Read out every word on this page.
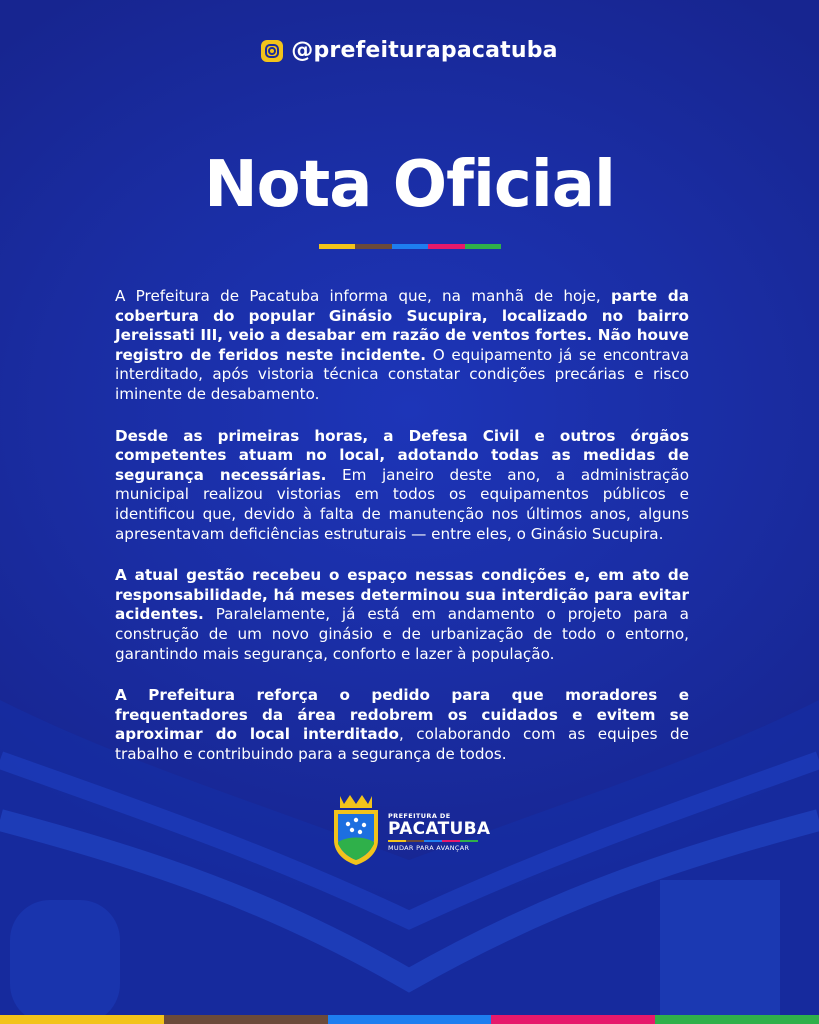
@prefeiturapacatuba
Nota Oficial

A Prefeitura de Pacatuba informa que, na manhã de hoje, parte da cobertura do popular Ginásio Sucupira, localizado no bairro Jereissati III, veio a desabar em razão de ventos fortes. Não houve registro de feridos neste incidente. O equipamento já se encontrava interditado, após vistoria técnica constatar condições precárias e risco iminente de desabamento.

Desde as primeiras horas, a Defesa Civil e outros órgãos competentes atuam no local, adotando todas as medidas de segurança necessárias. Em janeiro deste ano, a administração municipal realizou vistorias em todos os equipamentos públicos e identificou que, devido à falta de manutenção nos últimos anos, alguns apresentavam deficiências estruturais — entre eles, o Ginásio Sucupira.

A atual gestão recebeu o espaço nessas condições e, em ato de responsabilidade, há meses determinou sua interdição para evitar acidentes. Paralelamente, já está em andamento o projeto para a construção de um novo ginásio e de urbanização de todo o entorno, garantindo mais segurança, conforto e lazer à população.

A Prefeitura reforça o pedido para que moradores e frequentadores da área redobrem os cuidados e evitem se aproximar do local interditado, colaborando com as equipes de trabalho e contribuindo para a segurança de todos.

PREFEITURA DE
PACATUBA
MUDAR PARA AVANÇAR
